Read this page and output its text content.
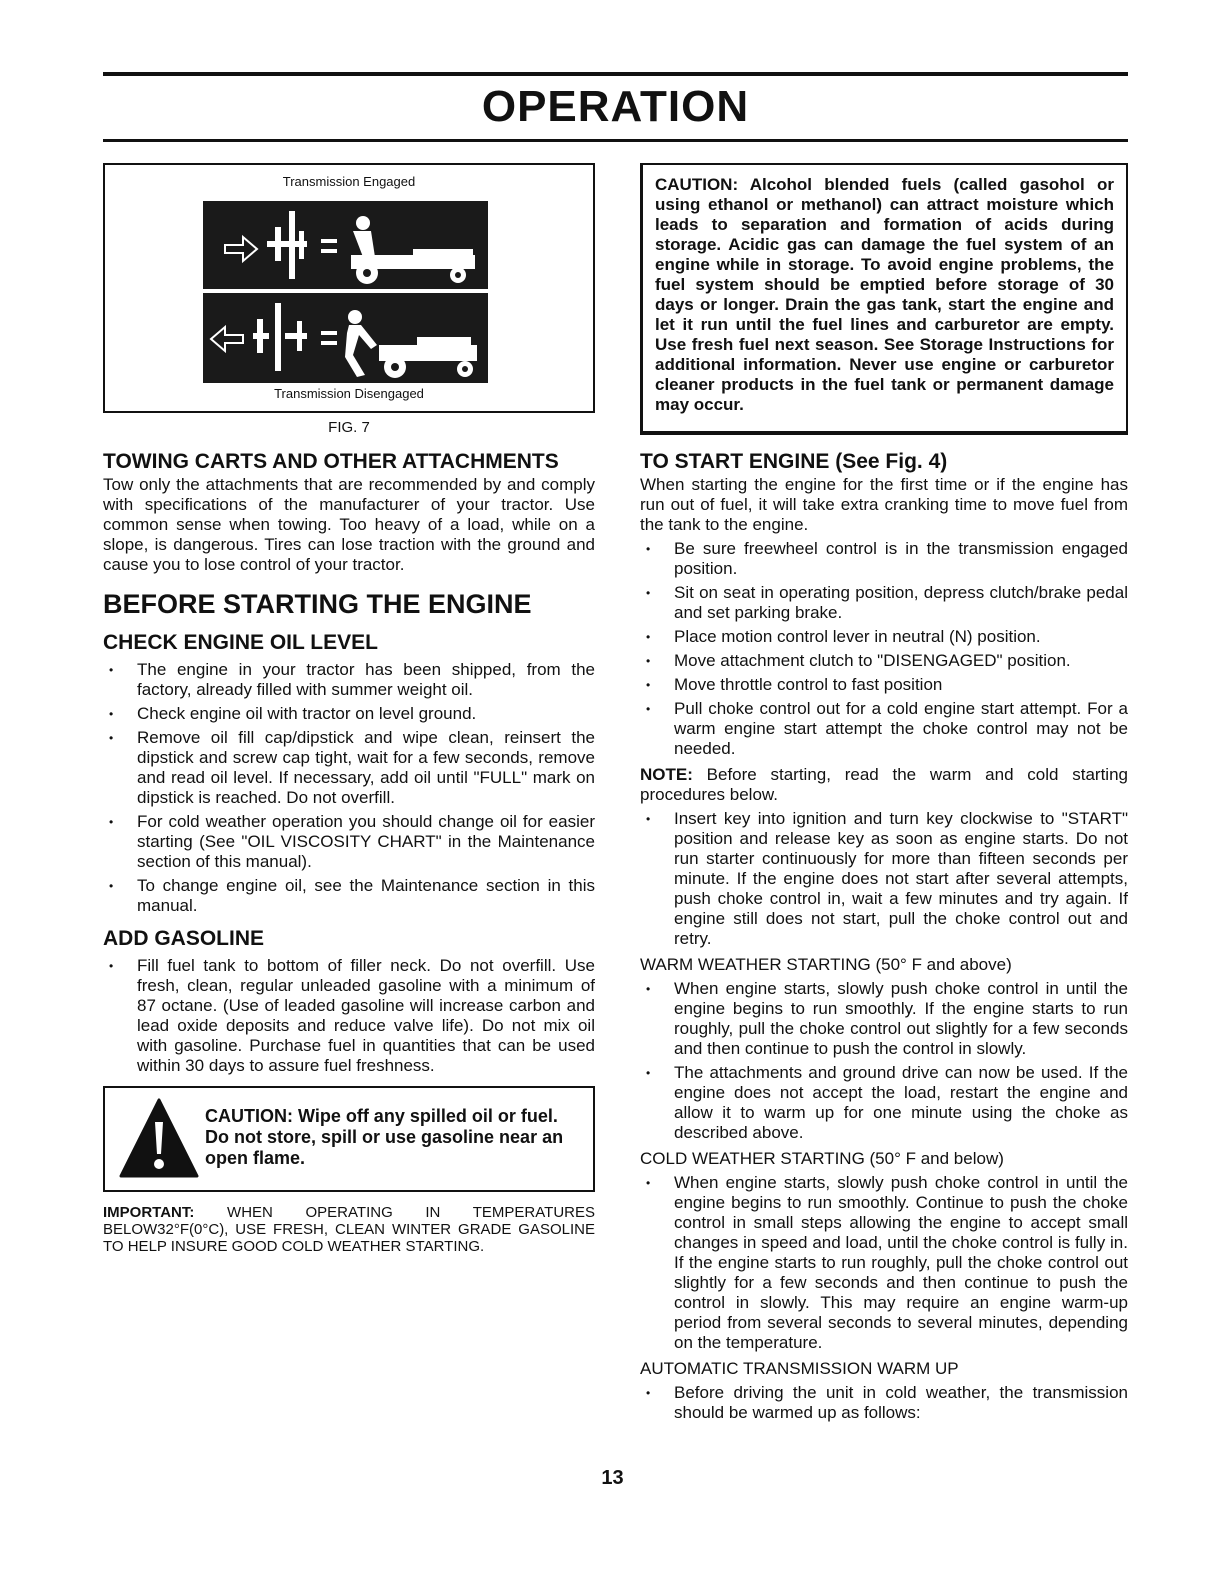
OPERATION
Transmission Engaged
Transmission Disengaged
FIG. 7
TOWING CARTS AND OTHER ATTACHMENTS

Tow only the attachments that are recommended by and comply with specifications of the manufacturer of your tractor. Use common sense when towing. Too heavy of a load, while on a slope, is dangerous. Tires can lose traction with the ground and cause you to lose control of your tractor.

BEFORE STARTING THE ENGINE
CHECK ENGINE OIL LEVEL
• The engine in your tractor has been shipped, from the factory, already filled with summer weight oil.
• Check engine oil with tractor on level ground.
• Remove oil fill cap/dipstick and wipe clean, reinsert the dipstick and screw cap tight, wait for a few seconds, remove and read oil level. If necessary, add oil until "FULL" mark on dipstick is reached. Do not overfill.
• For cold weather operation you should change oil for easier starting (See "OIL VISCOSITY CHART" in the Maintenance section of this manual).
• To change engine oil, see the Maintenance section in this manual.
ADD GASOLINE
• Fill fuel tank to bottom of filler neck. Do not overfill. Use fresh, clean, regular unleaded gasoline with a minimum of 87 octane. (Use of leaded gasoline will increase carbon and lead oxide deposits and reduce valve life). Do not mix oil with gasoline. Purchase fuel in quantities that can be used within 30 days to assure fuel freshness.
CAUTION: Wipe off any spilled oil or fuel. Do not store, spill or use gasoline near an open flame.

IMPORTANT: WHEN OPERATING IN TEMPERATURES BELOW32°F(0°C), USE FRESH, CLEAN WINTER GRADE GASOLINE TO HELP INSURE GOOD COLD WEATHER STARTING.

CAUTION: Alcohol blended fuels (called gasohol or using ethanol or methanol) can attract moisture which leads to separation and formation of acids during storage. Acidic gas can damage the fuel system of an engine while in storage. To avoid engine problems, the fuel system should be emptied before storage of 30 days or longer. Drain the gas tank, start the engine and let it run until the fuel lines and carburetor are empty. Use fresh fuel next season. See Storage Instructions for additional information. Never use engine or carburetor cleaner products in the fuel tank or permanent damage may occur.

TO START ENGINE (See Fig. 4)

When starting the engine for the first time or if the engine has run out of fuel, it will take extra cranking time to move fuel from the tank to the engine.

• Be sure freewheel control is in the transmission engaged position.
• Sit on seat in operating position, depress clutch/brake pedal and set parking brake.
• Place motion control lever in neutral (N) position.
• Move attachment clutch to "DISENGAGED" position.
• Move throttle control to fast position
• Pull choke control out for a cold engine start attempt. For a warm engine start attempt the choke control may not be needed.

NOTE: Before starting, read the warm and cold starting procedures below.

• Insert key into ignition and turn key clockwise to "START" position and release key as soon as engine starts. Do not run starter continuously for more than fifteen seconds per minute. If the engine does not start after several attempts, push choke control in, wait a few minutes and try again. If engine still does not start, pull the choke control out and retry.
WARM WEATHER STARTING (50° F and above)
• When engine starts, slowly push choke control in until the engine begins to run smoothly. If the engine starts to run roughly, pull the choke control out slightly for a few seconds and then continue to push the control in slowly.
• The attachments and ground drive can now be used. If the engine does not accept the load, restart the engine and allow it to warm up for one minute using the choke as described above.
COLD WEATHER STARTING (50° F and below)
• When engine starts, slowly push choke control in until the engine begins to run smoothly. Continue to push the choke control in small steps allowing the engine to accept small changes in speed and load, until the choke control is fully in. If the engine starts to run roughly, pull the choke control out slightly for a few seconds and then continue to push the control in slowly. This may require an engine warm-up period from several seconds to several minutes, depending on the temperature.
AUTOMATIC TRANSMISSION WARM UP
• Before driving the unit in cold weather, the transmission should be warmed up as follows:
13
